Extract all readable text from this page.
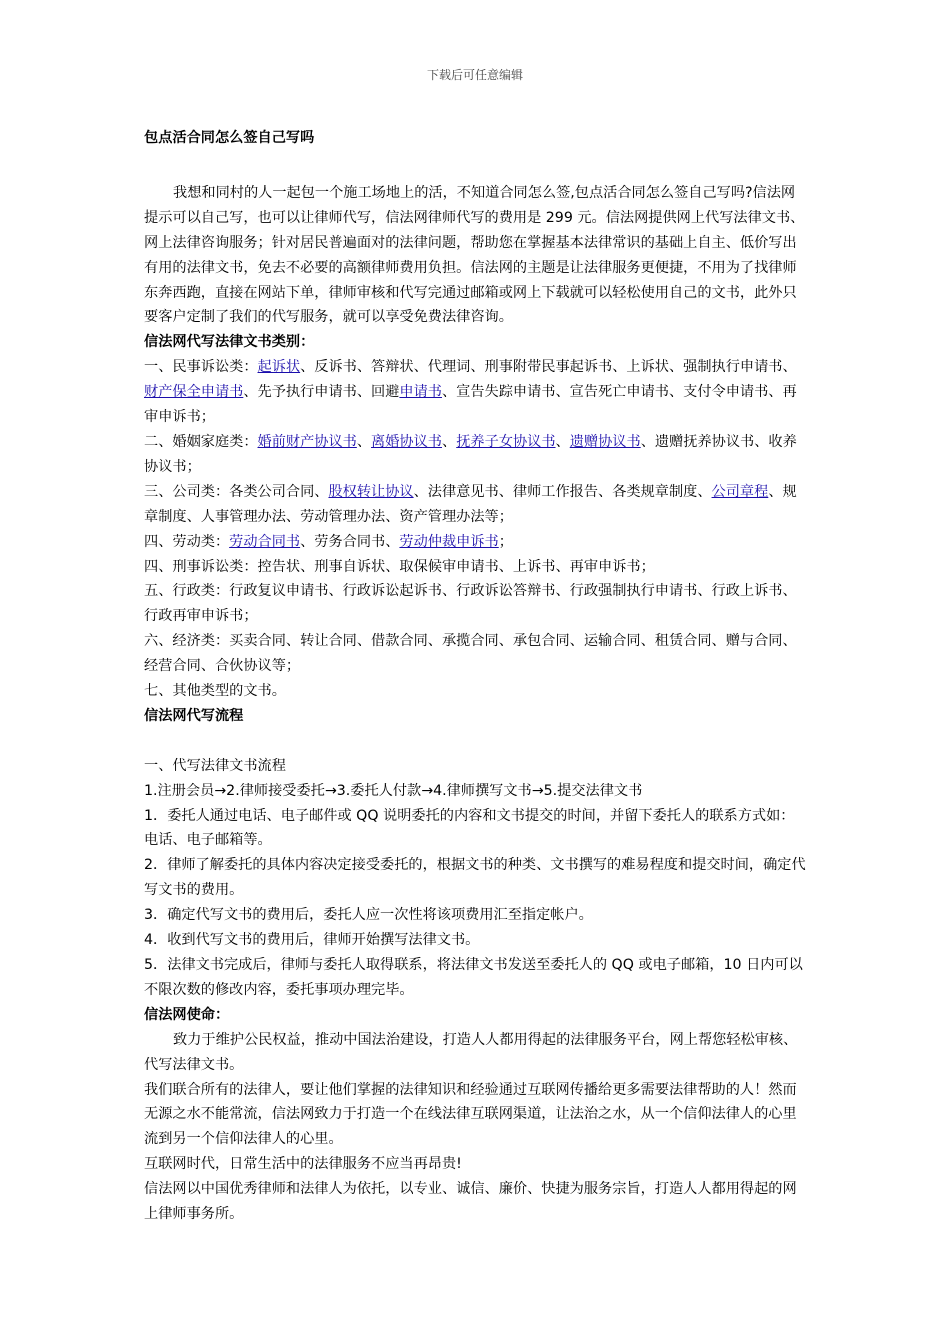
下载后可任意编辑

包点活合同怎么签自己写吗

我想和同村的人一起包一个施工场地上的活，不知道合同怎么签,包点活合同怎么签自己写吗?信法网提示可以自己写，也可以让律师代写，信法网律师代写的费用是 299 元。信法网提供网上代写法律文书、网上法律咨询服务；针对居民普遍面对的法律问题，帮助您在掌握基本法律常识的基础上自主、低价写出有用的法律文书，免去不必要的高额律师费用负担。信法网的主题是让法律服务更便捷，不用为了找律师东奔西跑，直接在网站下单，律师审核和代写完通过邮箱或网上下载就可以轻松使用自己的文书，此外只要客户定制了我们的代写服务，就可以享受免费法律咨询。

信法网代写法律文书类别：

一、民事诉讼类：起诉状、反诉书、答辩状、代理词、刑事附带民事起诉书、上诉状、强制执行申请书、财产保全申请书、先予执行申请书、回避申请书、宣告失踪申请书、宣告死亡申请书、支付令申请书、再审申诉书；

二、婚姻家庭类：婚前财产协议书、离婚协议书、抚养子女协议书、遗赠协议书、遗赠抚养协议书、收养协议书；

三、公司类：各类公司合同、股权转让协议、法律意见书、律师工作报告、各类规章制度、公司章程、规章制度、人事管理办法、劳动管理办法、资产管理办法等；

四、劳动类：劳动合同书、劳务合同书、劳动仲裁申诉书；

四、刑事诉讼类：控告状、刑事自诉状、取保候审申请书、上诉书、再审申诉书；

五、行政类：行政复议申请书、行政诉讼起诉书、行政诉讼答辩书、行政强制执行申请书、行政上诉书、行政再审申诉书；

六、经济类：买卖合同、转让合同、借款合同、承揽合同、承包合同、运输合同、租赁合同、赠与合同、经营合同、合伙协议等；

七、其他类型的文书。

信法网代写流程

一、代写法律文书流程

1.注册会员→2.律师接受委托→3.委托人付款→4.律师撰写文书→5.提交法律文书

1．委托人通过电话、电子邮件或 QQ 说明委托的内容和文书提交的时间，并留下委托人的联系方式如：电话、电子邮箱等。

2．律师了解委托的具体内容决定接受委托的，根据文书的种类、文书撰写的难易程度和提交时间，确定代写文书的费用。

3．确定代写文书的费用后，委托人应一次性将该项费用汇至指定帐户。

4．收到代写文书的费用后，律师开始撰写法律文书。

5．法律文书完成后，律师与委托人取得联系，将法律文书发送至委托人的 QQ 或电子邮箱，10 日内可以不限次数的修改内容，委托事项办理完毕。

信法网使命：

致力于维护公民权益，推动中国法治建设，打造人人都用得起的法律服务平台，网上帮您轻松审核、代写法律文书。

我们联合所有的法律人，要让他们掌握的法律知识和经验通过互联网传播给更多需要法律帮助的人！然而无源之水不能常流，信法网致力于打造一个在线法律互联网渠道，让法治之水，从一个信仰法律人的心里流到另一个信仰法律人的心里。

互联网时代，日常生活中的法律服务不应当再昂贵!

信法网以中国优秀律师和法律人为依托，以专业、诚信、廉价、快捷为服务宗旨，打造人人都用得起的网上律师事务所。
